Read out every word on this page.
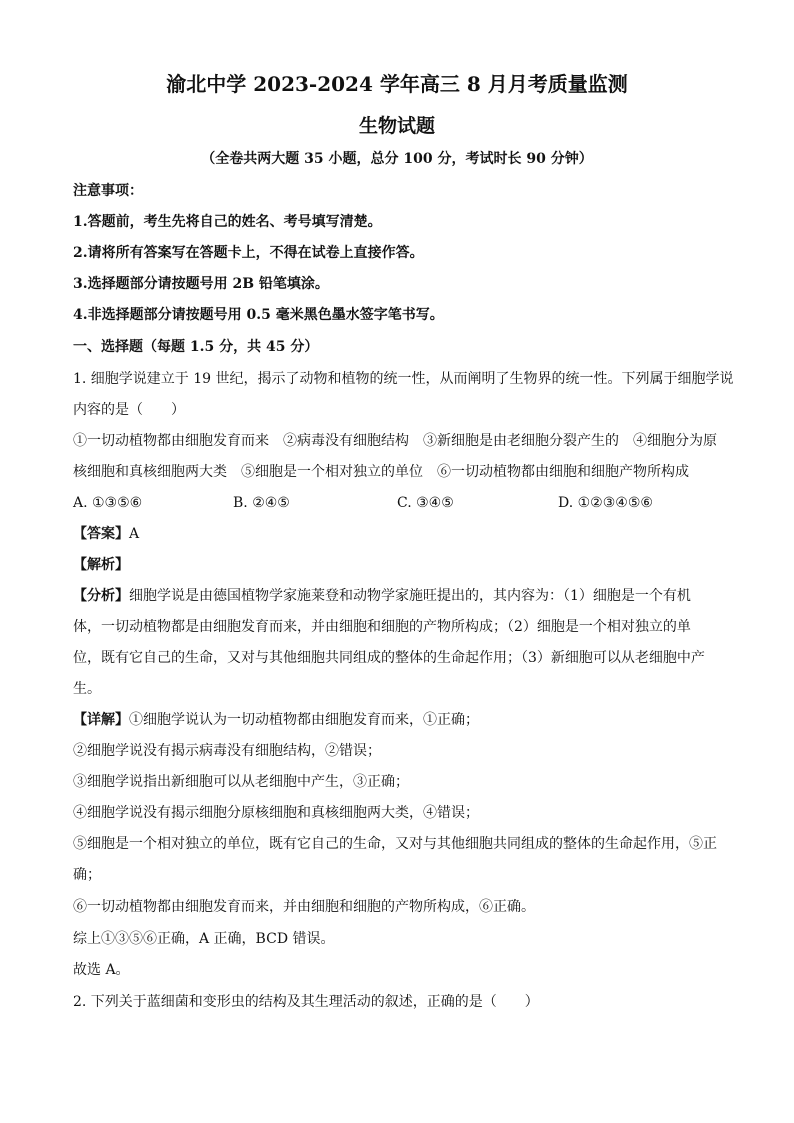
渝北中学 2023-2024 学年高三 8 月月考质量监测
生物试题
（全卷共两大题 35 小题，总分 100 分，考试时长 90 分钟）
注意事项：
1.答题前，考生先将自己的姓名、考号填写清楚。
2.请将所有答案写在答题卡上，不得在试卷上直接作答。
3.选择题部分请按题号用 2B 铅笔填涂。
4.非选择题部分请按题号用 0.5 毫米黑色墨水签字笔书写。
一、选择题（每题 1.5 分，共 45 分）
1. 细胞学说建立于 19 世纪，揭示了动物和植物的统一性，从而阐明了生物界的统一性。下列属于细胞学说
内容的是（　　）
①一切动植物都由细胞发育而来　②病毒没有细胞结构　③新细胞是由老细胞分裂产生的　④细胞分为原
核细胞和真核细胞两大类　⑤细胞是一个相对独立的单位　⑥一切动植物都由细胞和细胞产物所构成
A. ①③⑤⑥	B. ②④⑤	C. ③④⑤	D. ①②③④⑤⑥
【答案】A
【解析】
【分析】细胞学说是由德国植物学家施莱登和动物学家施旺提出的，其内容为：（1）细胞是一个有机
体，一切动植物都是由细胞发育而来，并由细胞和细胞的产物所构成；（2）细胞是一个相对独立的单
位，既有它自己的生命，又对与其他细胞共同组成的整体的生命起作用；（3）新细胞可以从老细胞中产
生。
【详解】①细胞学说认为一切动植物都由细胞发育而来，①正确；
②细胞学说没有揭示病毒没有细胞结构，②错误；
③细胞学说指出新细胞可以从老细胞中产生，③正确；
④细胞学说没有揭示细胞分原核细胞和真核细胞两大类，④错误；
⑤细胞是一个相对独立的单位，既有它自己的生命，又对与其他细胞共同组成的整体的生命起作用，⑤正
确；
⑥一切动植物都由细胞发育而来，并由细胞和细胞的产物所构成，⑥正确。
综上①③⑤⑥正确，A 正确，BCD 错误。
故选 A。
2. 下列关于蓝细菌和变形虫的结构及其生理活动的叙述，正确的是（　　）
